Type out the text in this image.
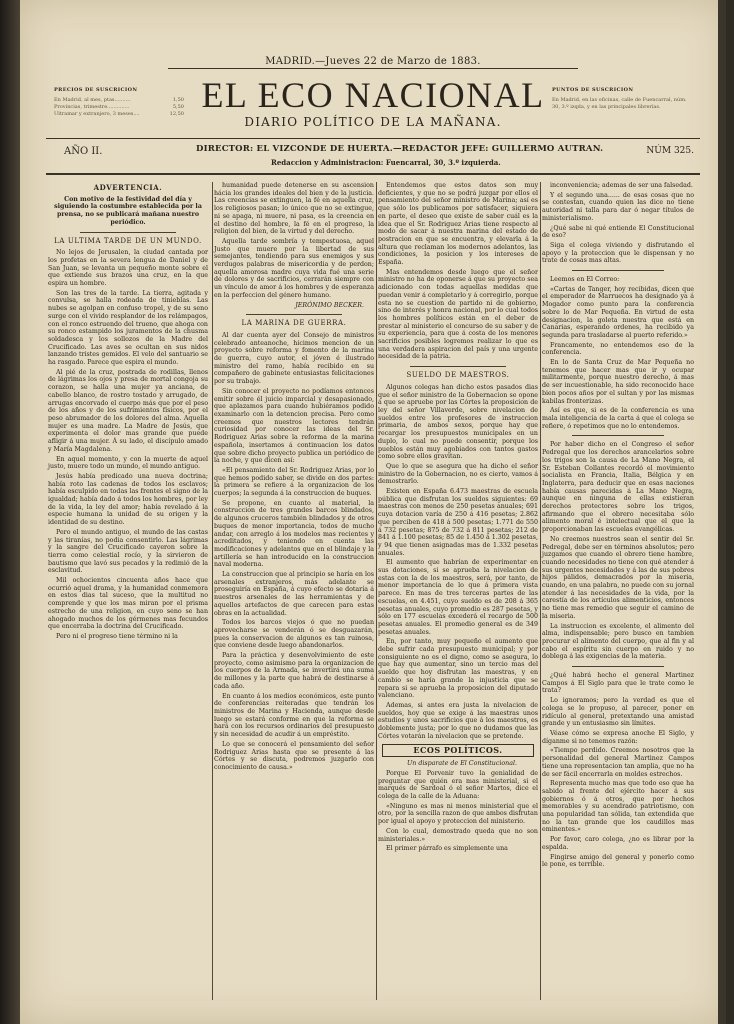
MADRID.—Jueves 22 de Marzo de 1883.
EL ECO NACIONAL
DIARIO POLÍTICO DE LA MAÑANA.
PRECIOS DE SUSCRICION
En Madrid, al mes, ptas..........	1,50
Provincias, trimestre..............	5,50
Ultramar y extranjero, 3 meses....	12,50
PUNTOS DE SUSCRICION
En Madrid, en las oficinas, calle de Fuencarral, núm. 30, 3.º izqda, y en las principales librerías.
AÑO II.	DIRECTOR: EL VIZCONDE DE HUERTA.—REDACTOR JEFE: GUILLERMO AUTRAN.
Redaccion y Administracion: Fuencarral, 30, 3.º izquierda.
NÚM 325.
ADVERTENCIA.

Con motivo de la festividad del día y siguiendo la costumbre establecida por la prensa, no se publicará mañana nuestro periódico.

LA ULTIMA TARDE DE UN MUNDO.

No lejos de Jerusalen, la ciudad cantada por los profetas en la severa lengua de Daniel y de San Juan, se levanta un pequeño monte sobre el que extiende sus brazos una cruz, en la que espira un hombre.

Son las tres de la tarde. La tierra, agitada y convulsa, se halla rodeada de tinieblas. Las nubes se agolpan en confuso tropel, y de su seno surge con el vivido resplandor de los relámpagos, con el ronco estruendo del trueno, que ahoga con su ronco estampido los juramentos de la chusma soldadesca y los sollozos de la Madre del Crucificado. Las aves se ocultan en sus nidos lanzando tristes gemidos. El velo del santuario se ha rasgado. Parece que espira el mundo.

Al pié de la cruz, postrada de rodillas, llenos de lágrimas los ojos y presa de mortal congoja su corazon, se halla una mujer ya anciana, de cabello blanco, de rostro tostado y arrugado, de arrugas encorvado el cuerpo más que por el peso de los años y de los sufrimientos físicos, por el peso abrumador de los dolores del alma. Aquella mujer es una madre. La Madre de Jesús, que experimenta el dolor mas grande que puede afligir á una mujer. Á su lado, el discípulo amado y María Magdalena.

En aquel momento, y con la muerte de aquel justo, muere todo un mundo, el mundo antiguo.

Jesús había predicado una nueva doctrina; había roto las cadenas de todos los esclavos; había esculpido en todas las frentes el signo de la igualdad; había dado á todos los hombres, por ley de la vida, la ley del amor; había revelado á la especie humana la unidad de su origen y la identidad de su destino.

Pero el mundo antiguo, el mundo de las castas y las tiranías, no podia consentirlo. Las lágrimas y la sangre del Crucificado cayeron sobre la tierra como celestial rocío, y la sirvieron de bautismo que lavó sus pecados y la redimió de la esclavitud.

Mil ochocientos cincuenta años hace que ocurrió aquel drama, y la humanidad conmemora en estos dias tal suceso, que la multitud no comprende y que los mas miran por el prisma estrecho de una religion, en cuyo seno se han ahogado muchos de los gérmenes mas fecundos que encerraba la doctrina del Crucificado.

Pero ni el progreso tiene término ni la

humanidad puede detenerse en su ascension hácia los grandes ideales del bien y de la justicia. Las creencias se extinguen, la fé en aquella cruz, los religiosos pasan; lo único que no se extingue, ni se apaga, ni muere, ni pasa, es la creencia en el destino del hombre, la fé en el progreso, la religion del bien, de la virtud y del derecho.

Aquella tarde sombría y tempestuosa, aquel Justo que muere por la libertad de sus semejantes, tendiendo para sus enemigos y sus verdugos palabras de misericordia y de perdon; aquella amorosa madre cuya vida fué una serie de dolores y de sacrificios, cerrarán siempre con un vínculo de amor á los hombres y de esperanza en la perfeccion del género humano.

JERÓNIMO BECKER.

LA MARINA DE GUERRA.

Al dar cuenta ayer del Consejo de ministros celebrado anteanoche, hicimos mencion de un proyecto sobre reforma y fomento de la marina de guerra, cuyo autor, el jóven é ilustrado ministro del ramo, había recibido en su compañero de gabinete entusiastas felicitaciones por su trabajo.

Sin conocer el proyecto no podíamos entonces emitir sobre él juicio imparcial y desapasionado, que aplazamos para cuando hubiéramos podido examinarlo con la detencion precisa. Pero como creemos que nuestros lectores tendrán curiosidad por conocer las ideas del Sr. Rodriguez Arias sobre la reforma de la marina española, insertamos á continuacion los datos que sobre dicho proyecto publica un periódico de la noche, y que dicen así:

«El pensamiento del Sr. Rodriguez Arias, por lo que hemos podido saber, se divide en dos partes: la primera se refiere á la organizacion de los cuerpos; la segunda á la construccion de buques.

Se propone, en cuanto al material, la construccion de tres grandes barcos blindados, de algunos cruceros también blindados y de otros buques de menor importancia, todos de mucho andar, con arreglo á los modelos mas recientes y acreditados, y teniendo en cuenta las modificaciones y adelantos que en el blindaje y la artillería se han introducido en la construccion naval moderna.

La construccion que al principio se haría en los arsenales extranjeros, más adelante se proseguiría en España, á cuyo efecto se dotaría á nuestros arsenales de las herramientas y de aquellos artefactos de que carecen para estas obras en la actualidad.

Todos los barcos viejos ó que no puedan aprovecharse se venderán ó se desguazarán, pues la conservacion de algunos es tan ruinosa, que conviene desde luego abandonarlos.

Para la práctica y desenvolvimiento de este proyecto, como asimismo para la organizacion de los cuerpos de la Armada, se invertirá una suma de millones y la parte que habrá de destinarse á cada año.

En cuanto á los medios económicos, este punto de conferencias reiteradas que tendrán los ministros de Marina y Hacienda, aunque desde luego se estará conforme en que la reforma se hará con los recursos ordinarios del presupuesto y sin necesidad de acudir á un empréstito.

Lo que se conocerá el pensamiento del señor Rodriguez Arias hasta que se presente á las Córtes y se discuta, podremos juzgarlo con conocimiento de causa.»

Entendemos que estos datos son muy deficientes, y que no se podrá juzgar por ellos el pensamiento del señor ministro de Marina; así es que sólo los publicamos por satisfacer, siquiera en parte, el deseo que existe de saber cuál es la idea que el Sr. Rodriguez Arias tiene respecto al modo de sacar á nuestra marina del estado de postracion en que se encuentra, y elevarla á la altura que reclaman los modernos adelantos, las condiciones, la posicion y los intereses de España.

Mas entendemos desde luego que el señor ministro no ha de oponerse á que su proyecto sea adicionado con todas aquellas medidas que puedan venir á completarlo y á corregirlo, porque esta no se cuestion de partido ni de gobierno, sino de interés y honra nacional, por lo cual todos los hombres políticos están en el deber de prestar al ministerio el concurso de su saber y de su experiencia, para que á costa de los menores sacrificios posibles logremos realizar lo que es una verdadera aspiracion del país y una urgente necesidad de la patria.

SUELDO DE MAESTROS.

Algunos colegas han dicho estos pasados dias que el señor ministro de la Gobernacion se opone á que se apruebe por las Córtes la proposicion de ley del señor Villaverde, sobre nivelacion de sueldos entre los profesores de instruccion primaria, de ambos sexos, porque hay que recargar los presupuestos municipales en un duplo, lo cual no puede consentir, porque los pueblos están muy agobiados con tantos gastos como sobre ellos gravitan.

Que lo que se asegura que ha dicho el señor ministro de la Gobernacion, no es cierto, vamos á demostrarlo.

Existen en España 6.473 maestras de escuela pública que disfrutan los sueldos siguientes: 69 maestras con menos de 250 pesetas anuales; 691 cuya dotacion varía de 250 á 416 pesetas; 2.862 que perciben de 418 á 500 pesetas; 1.771 de 550 á 732 pesetas; 875 de 732 á 811 pesetas; 212 de 841 á 1.100 pesetas; 85 de 1.450 á 1.302 pesetas, y 94 que tienen asignadas mas de 1.332 pesetas anuales.

El aumento que habrían de experimentar en sus dotaciones, si se aprueba la nivelacion de estas con la de los maestros, será, por tanto, de menor importancia de lo que á primera vista parece. En mas de tres terceras partes de las escuelas, en 4.451, cuyo sueldo es de 208 á 365 pesetas anuales, cuyo promedio es 287 pesetas, y sólo en 177 escuelas excederá el recargo de 500 pesetas anuales. El promedio general es de 349 pesetas anuales.

En, por tanto, muy pequeño el aumento que debe sufrir cada presupuesto municipal; y por consiguiente no es el digno, como se asegura, lo que hay que aumentar, sino un tercio mas del sueldo que hoy disfrutan las maestras, y en cambio se haría grande la injusticia que se repara si se aprueba la proposicion del diputado valenciano.

Ademas, si antes era justa la nivelacion de sueldos, hoy que se exige á las maestras unos estudios y unos sacrificios que á los maestros, es doblemente justa; por lo que no dudamos que las Córtes votarán la nivelacion que se pretende.

ECOS POLÍTICOS.

Un disparate de El Constitucional.

Porque El Porvenir tuvo la genialidad de preguntar que quién era mas ministerial, si el marqués de Sardoal ó el señor Martos, dice el colega de la calle de la Aduana:

«Ninguno es mas ni menos ministerial que el otro, por la sencilla razon de que ambos disfrutan por igual el apoyo y proteccion del ministerio.

Con lo cual, demostrado queda que no son ministeriales.»

El primer párrafo es simplemente una

inconveniencia; ademas de ser una falsedad.

Y el segundo una...... de esas cosas que no se contestan, cuando quien las dice no tiene autoridad ni talla para dar ó negar títulos de ministerialismo.

¿Qué sabe ni qué entiende El Constitucional de eso?

Siga el colega viviendo y disfrutando el apoyo y la proteccion que le dispensan y no trate de cosas mas altas.

Leemos en El Correo:

«Cartas de Tanger, hoy recibidas, dicen que el emperador de Marruecos ha designado ya á Mogador como punto para la conferencia sobre lo de Mar Pequeña. En virtud de esta designacion, la goleta nuestra que está en Canarias, esperando ordenes, ha recibido ya segunda para trasladarse al puerto referido.»

Francamente, no entendemos eso de la conferencia.

En lo de Santa Cruz de Mar Pequeña no tenemos que hacer mas que ir y ocupar militarmente, porque nuestro derecho, á mas de ser incuestionable, ha sido reconocido hace bien pocos años por el sultan y por las mismas kabilas fronterizas.

Así es que, si es de la conferencia es una mala inteligencia de la carta á que el colega se refiere, ó repetimos que no lo entendemos.

Por haber dicho en el Congreso el señor Pedregal que los derechos arancelarios sobre los trigos son la causa de La Mano Negra, el Sr. Esteban Collantes recordó el movimiento socialista en Francia, Italia, Bélgica y en Inglaterra, para deducir que en esas naciones había causas parecidas á La Mano Negra, aunque en ninguna de ellas existieran derechos protectores sobre los trigos, afirmando que el obrero necesitaba sólo alimento moral é intelectual que el que la proporcionaban las escuelas evangélicas.

No creemos nuestros sean el sentir del Sr. Pedregal, debe ser en términos absolutos; pero juzgamos que cuando el obrero tiene hambre, cuando necesidades no tiene con qué atender á sus urgentes necesidades y á las de sus pobres hijos pálidos, demacrados por la miseria, cuando, en una palabra, no puede con su jornal atender á las necesidades de la vida, por la carestía de los artículos alimenticios, entonces no tiene mas remedio que seguir el camino de la miseria.

La instruccion es excelente, el alimento del alma, indispensable; pero busco en tambien procurar el alimento del cuerpo, que al fin y al cabo el espíritu sin cuerpo en ruido y no doblega á las exigencias de la materia.

¿Qué habrá hecho el general Martinez Campos á El Siglo para que le trate como le trata?

Lo ignoramos; pero la verdad es que el colega se le propuso, al parecer, poner en ridículo al general, pretextando una amistad grande y un entusiasmo sin límites.

Véase cómo se expresa anoche El Siglo, y díganme si no tenemos razón:

«Tiempo perdido. Creemos nosotros que la personalidad del general Martinez Campos tiene una representacion tan amplia, que no ha de ser fácil encerrarla en moldes estrechos.

Representa mucho mas que todo eso que ha sabido al frente del ejército hacer á sus gobiernos ó á otros, que por hechos memorables y su acendrado patriotismo, con una popularidad tan sólida, tan extendida que no la tan grande que los caudillos mas eminentes.»

Por favor, caro colega, ¿no es librar por la espalda.

Fingirse amigo del general y ponerlo como le pone, es terrible.
